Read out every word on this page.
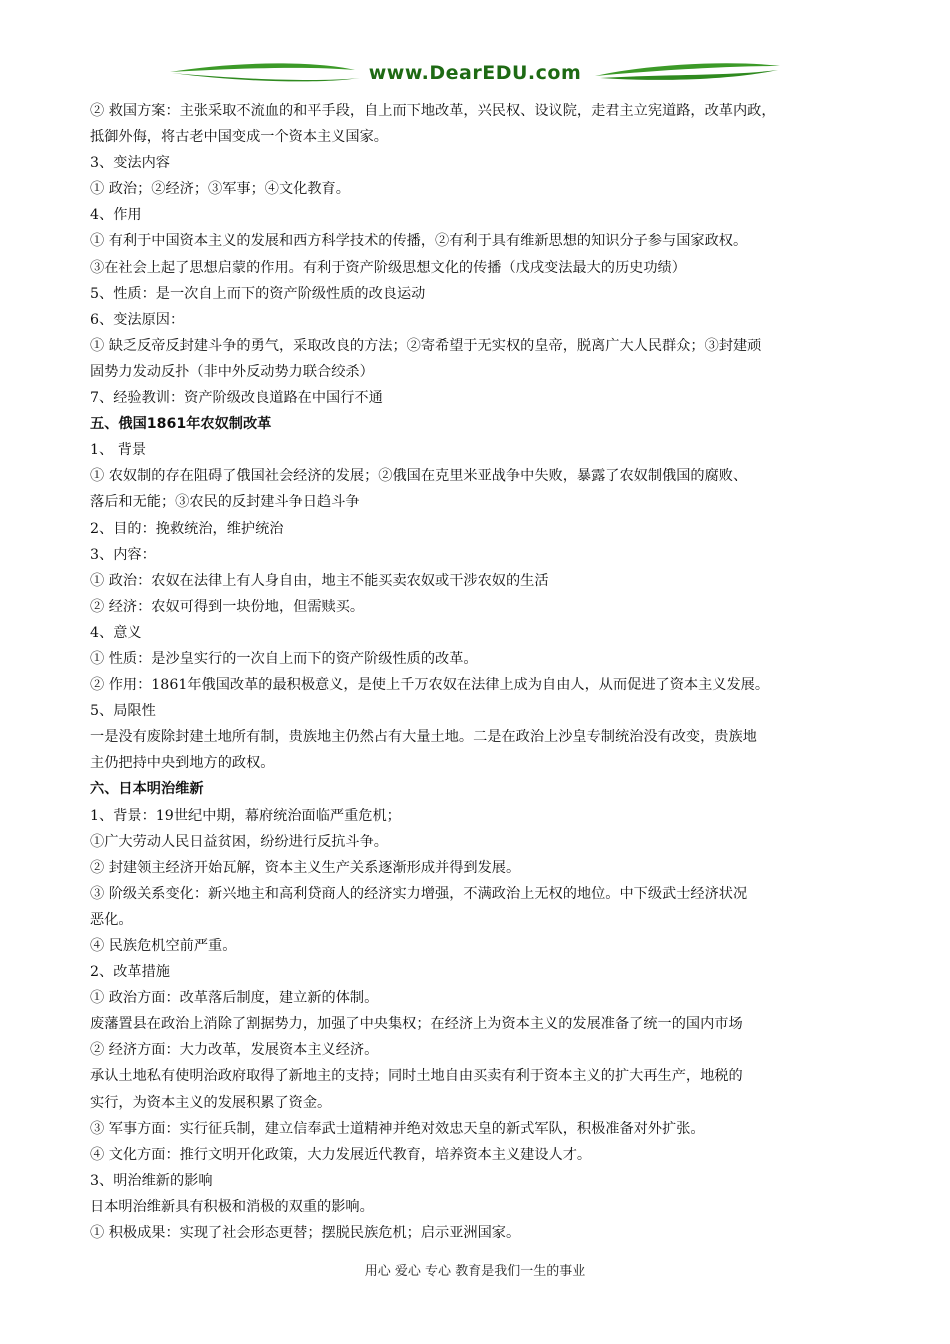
www.DearEDU.com
② 救国方案：主张采取不流血的和平手段，自上而下地改革，兴民权、设议院，走君主立宪道路，改革内政，
抵御外侮，将古老中国变成一个资本主义国家。
3、变法内容
① 政治；②经济；③军事；④文化教育。
4、作用
① 有利于中国资本主义的发展和西方科学技术的传播，②有利于具有维新思想的知识分子参与国家政权。
③在社会上起了思想启蒙的作用。有利于资产阶级思想文化的传播（戊戌变法最大的历史功绩）
5、性质：是一次自上而下的资产阶级性质的改良运动
6、变法原因：
① 缺乏反帝反封建斗争的勇气，采取改良的方法；②寄希望于无实权的皇帝，脱离广大人民群众；③封建顽
固势力发动反扑（非中外反动势力联合绞杀）
7、经验教训：资产阶级改良道路在中国行不通
五、俄国1861年农奴制改革
1、 背景
① 农奴制的存在阻碍了俄国社会经济的发展；②俄国在克里米亚战争中失败，暴露了农奴制俄国的腐败、
落后和无能；③农民的反封建斗争日趋斗争
2、目的：挽救统治，维护统治
3、内容：
① 政治：农奴在法律上有人身自由，地主不能买卖农奴或干涉农奴的生活
② 经济：农奴可得到一块份地，但需赎买。
4、意义
① 性质：是沙皇实行的一次自上而下的资产阶级性质的改革。
② 作用：1861年俄国改革的最积极意义，是使上千万农奴在法律上成为自由人，从而促进了资本主义发展。
5、局限性
一是没有废除封建土地所有制，贵族地主仍然占有大量土地。二是在政治上沙皇专制统治没有改变，贵族地
主仍把持中央到地方的政权。
六、日本明治维新
1、背景：19世纪中期，幕府统治面临严重危机；
①广大劳动人民日益贫困，纷纷进行反抗斗争。
② 封建领主经济开始瓦解，资本主义生产关系逐渐形成并得到发展。
③ 阶级关系变化：新兴地主和高利贷商人的经济实力增强，不满政治上无权的地位。中下级武士经济状况
恶化。
④ 民族危机空前严重。
2、改革措施
① 政治方面：改革落后制度，建立新的体制。
废藩置县在政治上消除了割据势力，加强了中央集权；在经济上为资本主义的发展准备了统一的国内市场
② 经济方面：大力改革，发展资本主义经济。
承认土地私有使明治政府取得了新地主的支持；同时土地自由买卖有利于资本主义的扩大再生产，地税的
实行，为资本主义的发展积累了资金。
③ 军事方面：实行征兵制，建立信奉武士道精神并绝对效忠天皇的新式军队，积极准备对外扩张。
④ 文化方面：推行文明开化政策，大力发展近代教育，培养资本主义建设人才。
3、明治维新的影响
日本明治维新具有积极和消极的双重的影响。
① 积极成果：实现了社会形态更替；摆脱民族危机；启示亚洲国家。
用心 爱心 专心 教育是我们一生的事业
